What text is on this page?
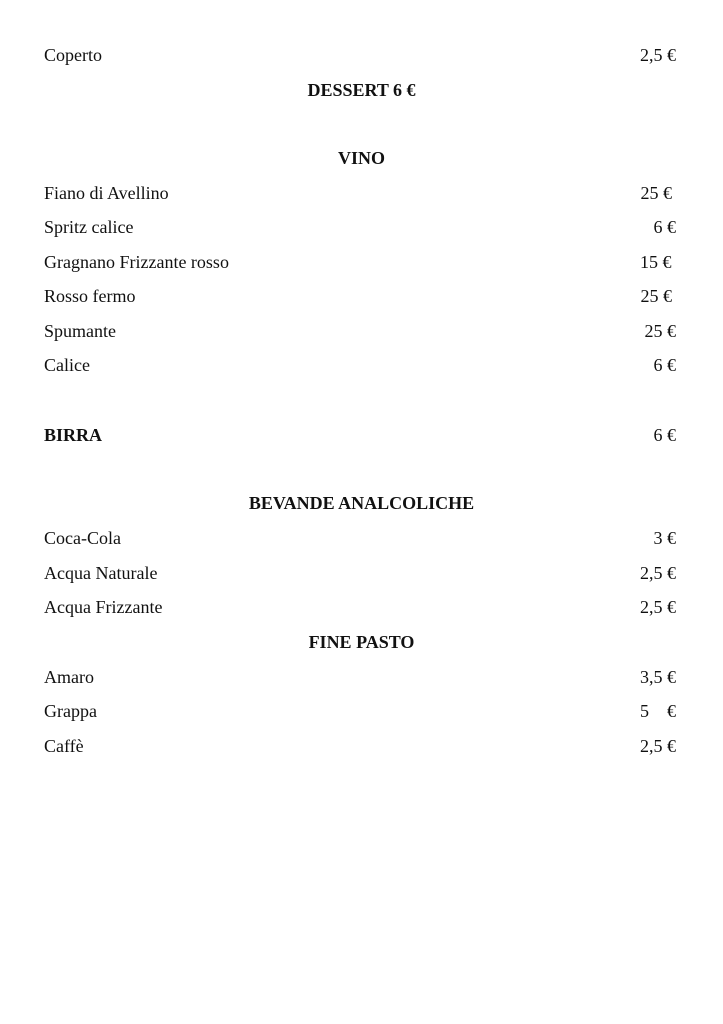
Coperto	2,5 €
DESSERT 6 €
VINO
Fiano di Avellino	25 €
Spritz calice	6 €
Gragnano Frizzante rosso	15 €
Rosso fermo	25 €
Spumante	25 €
Calice	6 €
BIRRA	6 €
BEVANDE ANALCOLICHE
Coca-Cola	3 €
Acqua Naturale	2,5 €
Acqua Frizzante	2,5 €
FINE PASTO
Amaro	3,5 €
Grappa	5    €
Caffè	2,5 €
